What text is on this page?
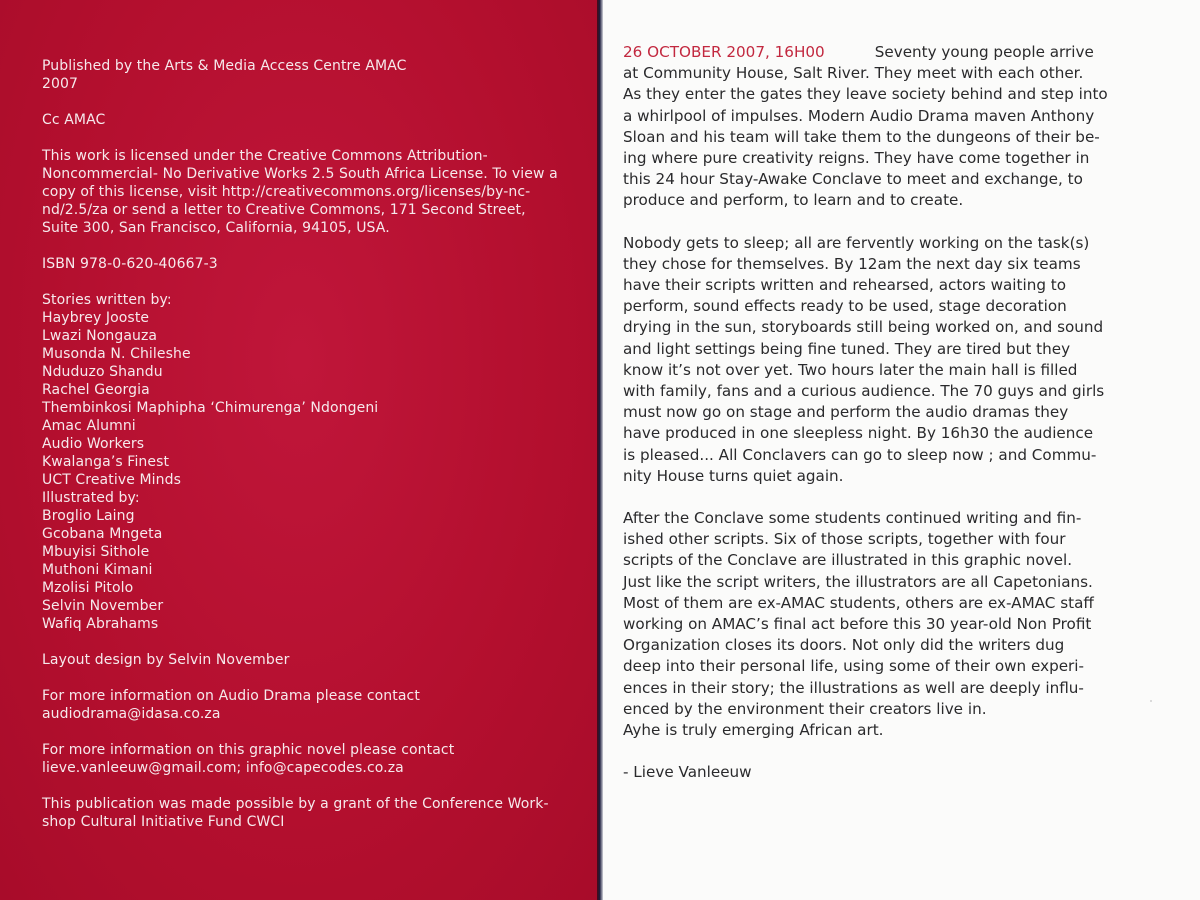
Published by the Arts & Media Access Centre AMAC
2007
Cc AMAC
This work is licensed under the Creative Commons Attribution-
Noncommercial- No Derivative Works 2.5 South Africa License. To view a
copy of this license, visit http://creativecommons.org/licenses/by-nc-
nd/2.5/za or send a letter to Creative Commons, 171 Second Street,
Suite 300, San Francisco, California, 94105, USA.
ISBN 978-0-620-40667-3
Stories written by:
Haybrey Jooste
Lwazi Nongauza
Musonda N. Chileshe
Nduduzo Shandu
Rachel Georgia
Thembinkosi Maphipha ‘Chimurenga’ Ndongeni
Amac Alumni
Audio Workers
Kwalanga’s Finest
UCT Creative Minds
Illustrated by:
Broglio Laing
Gcobana Mngeta
Mbuyisi Sithole
Muthoni Kimani
Mzolisi Pitolo
Selvin November
Wafiq Abrahams
Layout design by Selvin November
For more information on Audio Drama please contact
audiodrama@idasa.co.za
For more information on this graphic novel please contact
lieve.vanleeuw@gmail.com; info@capecodes.co.za
This publication was made possible by a grant of the Conference Work-
shop Cultural Initiative Fund CWCI
26 OCTOBER 2007, 16H00	Seventy young people arrive
at Community House, Salt River. They meet with each other.
As they enter the gates they leave society behind and step into
a whirlpool of impulses. Modern Audio Drama maven Anthony
Sloan and his team will take them to the dungeons of their be-
ing where pure creativity reigns. They have come together in
this 24 hour Stay-Awake Conclave to meet and exchange, to
produce and perform, to learn and to create.
Nobody gets to sleep; all are fervently working on the task(s)
they chose for themselves. By 12am the next day six teams
have their scripts written and rehearsed, actors waiting to
perform, sound effects ready to be used, stage decoration
drying in the sun, storyboards still being worked on, and sound
and light settings being fine tuned. They are tired but they
know it’s not over yet. Two hours later the main hall is filled
with family, fans and a curious audience. The 70 guys and girls
must now go on stage and perform the audio dramas they
have produced in one sleepless night. By 16h30 the audience
is pleased... All Conclavers can go to sleep now ; and Commu-
nity House turns quiet again.
After the Conclave some students continued writing and fin-
ished other scripts. Six of those scripts, together with four
scripts of the Conclave are illustrated in this graphic novel.
Just like the script writers, the illustrators are all Capetonians.
Most of them are ex-AMAC students, others are ex-AMAC staff
working on AMAC’s final act before this 30 year-old Non Profit
Organization closes its doors. Not only did the writers dug
deep into their personal life, using some of their own experi-
ences in their story; the illustrations as well are deeply influ-
enced by the environment their creators live in.
Ayhe is truly emerging African art.
- Lieve Vanleeuw
